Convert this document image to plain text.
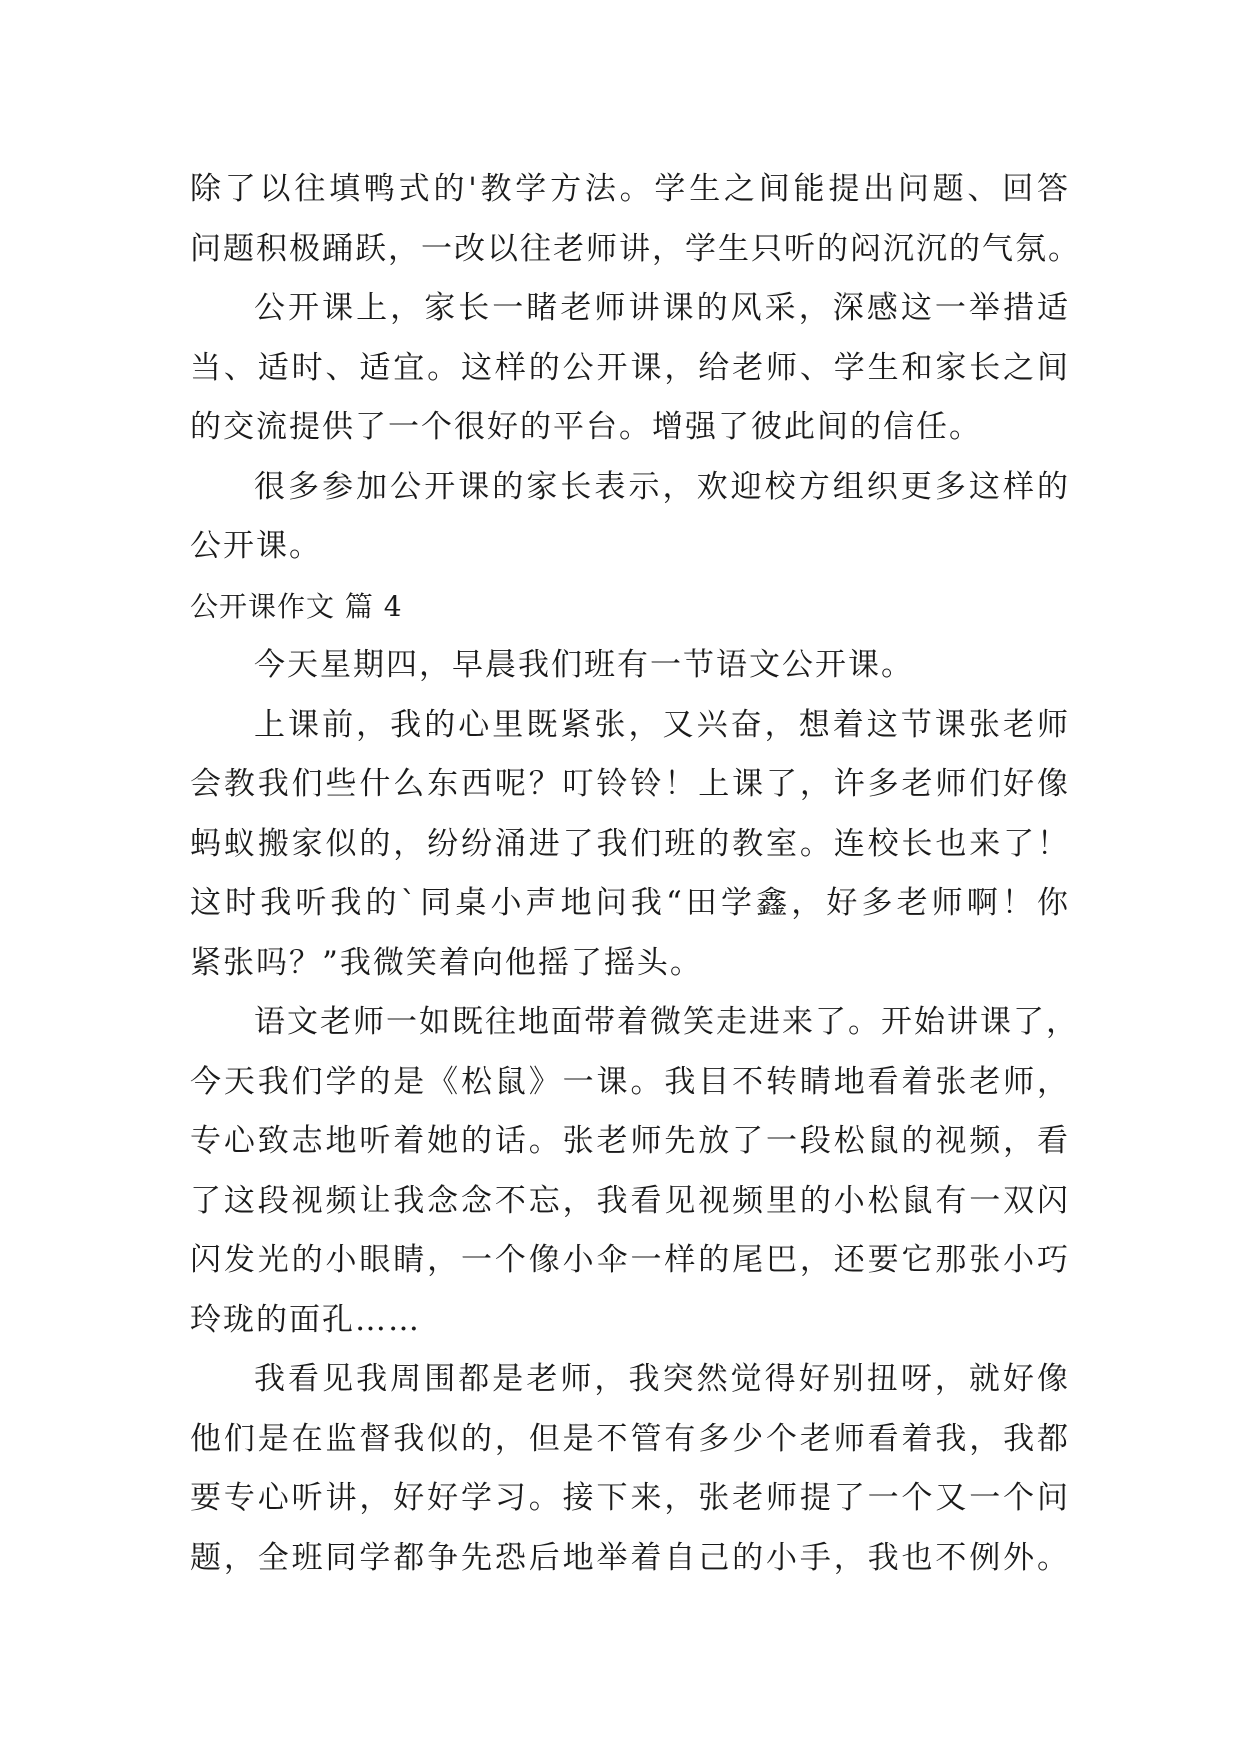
除了以往填鸭式的'教学方法。学生之间能提出问题、回答
问题积极踊跃，一改以往老师讲，学生只听的闷沉沉的气氛。
公开课上，家长一睹老师讲课的风采，深感这一举措适
当、适时、适宜。这样的公开课，给老师、学生和家长之间
的交流提供了一个很好的平台。增强了彼此间的信任。
很多参加公开课的家长表示，欢迎校方组织更多这样的
公开课。
公开课作文 篇 4
今天星期四，早晨我们班有一节语文公开课。
上课前，我的心里既紧张，又兴奋，想着这节课张老师
会教我们些什么东西呢？叮铃铃！上课了，许多老师们好像
蚂蚁搬家似的，纷纷涌进了我们班的教室。连校长也来了！
这时我听我的`同桌小声地问我“田学鑫，好多老师啊！你
紧张吗？”我微笑着向他摇了摇头。
语文老师一如既往地面带着微笑走进来了。开始讲课了，
今天我们学的是《松鼠》一课。我目不转睛地看着张老师，
专心致志地听着她的话。张老师先放了一段松鼠的视频，看
了这段视频让我念念不忘，我看见视频里的小松鼠有一双闪
闪发光的小眼睛，一个像小伞一样的尾巴，还要它那张小巧
玲珑的面孔……
我看见我周围都是老师，我突然觉得好别扭呀，就好像
他们是在监督我似的，但是不管有多少个老师看着我，我都
要专心听讲，好好学习。接下来，张老师提了一个又一个问
题，全班同学都争先恐后地举着自己的小手，我也不例外。
